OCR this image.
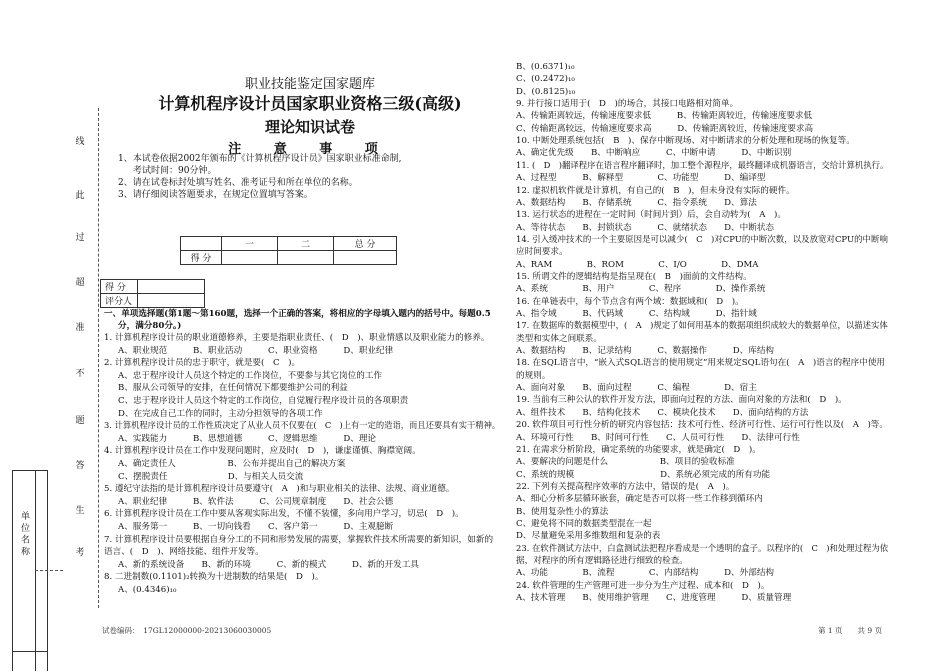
线
此
过
超
准
不
题
答
生
考
单 位 名 称
职业技能鉴定国家题库
计算机程序设计员国家职业资格三级(高级)
理论知识试卷
注 意 事 项
1、本试卷依据2002年颁布的《计算机程序设计员》国家职业标准命制,
考试时间：90分钟。
2、请在试卷标封处填写姓名、准考证号和所在单位的名称。
3、请仔细阅读答题要求，在规定位置填写答案。
	一	二	总 分
得 分			
得 分	
评分人	
一、单项选择题(第1题～第160题，选择一个正确的答案，将相应的字母填入题内的括号中。每题0.5
分，满分80分。)
1. 计算机程序设计员的职业道德修养，主要是指职业责任、(　D　)、职业情感以及职业能力的修养。
A、职业规范　　　B、职业活动　　　C、职业资格　　　D、职业纪律
2. 计算机程序设计员的忠于职守，就是要(　C　)。
A、忠于程序设计人员这个特定的工作岗位，不要参与其它岗位的工作
B、服从公司领导的安排，在任何情况下都要维护公司的利益
C、忠于程序设计人员这个特定的工作岗位，自觉履行程序设计员的各项职责
D、在完成自己工作的同时，主动分担领导的各项工作
3. 计算机程序设计员的工作性质决定了从业人员不仅要在(　C　)上有一定的造诣，而且还要具有实干精神。
A、实践能力　　　B、思想道德　　　C、逻辑思维　　　D、理论
4. 计算机程序设计员在工作中发现问题时，应及时(　D　)，谦虚谨慎、胸襟宽阔。
A、确定责任人　　　　　　B、公布并提出自己的解决方案
C、摆脱责任　　　　　　　D、与相关人员交流
5. 遵纪守法指的是计算机程序设计员要遵守(　A　)和与职业相关的法律、法规、商业道德。
A、职业纪律　　　B、软件法　　　C、公司规章制度　　D、社会公德
6. 计算机程序设计员在工作中要从客观实际出发，不懂不装懂，多向用户学习，切忌(　D　)。
A、服务第一　　　B、一切向钱看　　C、客户第一　　　D、主观臆断
7. 计算机程序设计员要根据自身分工的不同和形势发展的需要，掌握软件技术所需要的新知识，如新的
语言、(　D　)、网络技能、组件开发等。
A、新的系统设备　　B、新的环境　　　C、新的模式　　　D、新的开发工具
8. 二进制数(0.1101)₂转换为十进制数的结果是(　D　)。
A、(0.4346)₁₀
B、(0.6371)₁₀
C、(0.2472)₁₀
D、(0.8125)₁₀
9. 并行接口适用于(　D　)的场合，其接口电路相对简单。
A、传输距离较远，传输速度要求低　　　B、传输距离较近，传输速度要求低
C、传输距离较远，传输速度要求高　　　D、传输距离较近，传输速度要求高
10. 中断处理系统包括(　B　)、保存中断现场、对中断请求的分析处理和现场的恢复等。
A、确定优先级　　B、中断响应　　　C、中断申请　　　D、中断识别
11. (　D　)翻译程序在语言程序翻译时，加工整个源程序，最终翻译成机器语言，交给计算机执行。
A、过程型　　　B、解释型　　　　C、功能型　　　D、编译型
12. 虚拟机软件就是计算机，有自己的(　B　)，但未身没有实际的硬件。
A、数据结构　　B、存储系统　　　C、指令系统　　D、算法
13. 运行状态的进程在一定时间（时间片到）后，会自动转为(　A　)。
A、等待状态　　B、封锁状态　　　C、就绪状态　　D、中断状态
14. 引入缓冲技术的一个主要原因是可以减少(　C　)对CPU的中断次数，以及放宽对CPU的中断响
应时间要求。
A、RAM　　　　B、ROM　　　　C、I/O　　　　D、DMA
15. 所谓文件的逻辑结构是指呈现在(　B　)面前的文件结构。
A、系统　　　　B、用户　　　　C、程序　　　　D、操作系统
16. 在单链表中，每个节点含有两个域：数据域和(　D　)。
A、指令域　　　B、代码域　　　C、结构域　　　D、指针域
17. 在数据库的数据模型中，(　A　)规定了如何用基本的数据项组织成较大的数据单位，以描述实体
类型和实体之间联系。
A、数据结构　　B、记录结构　　　C、数据操作　　　D、库结构
18. 在SQL语言中，“嵌入式SQL语言的使用规定”用来规定SQL语句在(　A　)语言的程序中使用
的规则。
A、面向对象　　B、面向过程　　　C、编程　　　　D、宿主
19. 当前有三种公认的软件开发方法，即面向过程的方法、面向对象的方法和(　D　)。
A、组件技术　　B、结构化技术　　C、模块化技术　　D、面向结构的方法
20. 软件项目可行性分析的研究内容包括：技术可行性、经济可行性、运行可行性以及(　A　)等。
A、环境可行性　　B、时间可行性　　C、人员可行性　　D、法律可行性
21. 在需求分析阶段，确定系统的功能要求，就是确定(　D　)。
A、要解决的问题是什么　　　　　　B、项目的验收标准
C、系统的规模　　　　　　　　　　D、系统必须完成的所有功能
22. 下列有关提高程序效率的方法中，错误的是(　A　)。
A、细心分析多层循环嵌套，确定是否可以将一些工作移到循环内
B、使用复杂性小的算法
C、避免将不同的数据类型混在一起
D、尽量避免采用多维数组和复杂的表
23. 在软件测试方法中，白盒测试法把程序看成是一个透明的盒子。以程序的(　C　)和处理过程为依
据，对程序的所有逻辑路径进行细致的检查。
A、功能　　　　B、流程　　　　C、内部结构　　　D、外部结构
24. 软件管理的生产管理可进一步分为生产过程、成本和(　D　)。
A、技术管理　　B、使用维护管理　　C、进度管理　　　D、质量管理
试卷编码：　17GL12000000-20213060030005	第 1 页　　共 9 页
